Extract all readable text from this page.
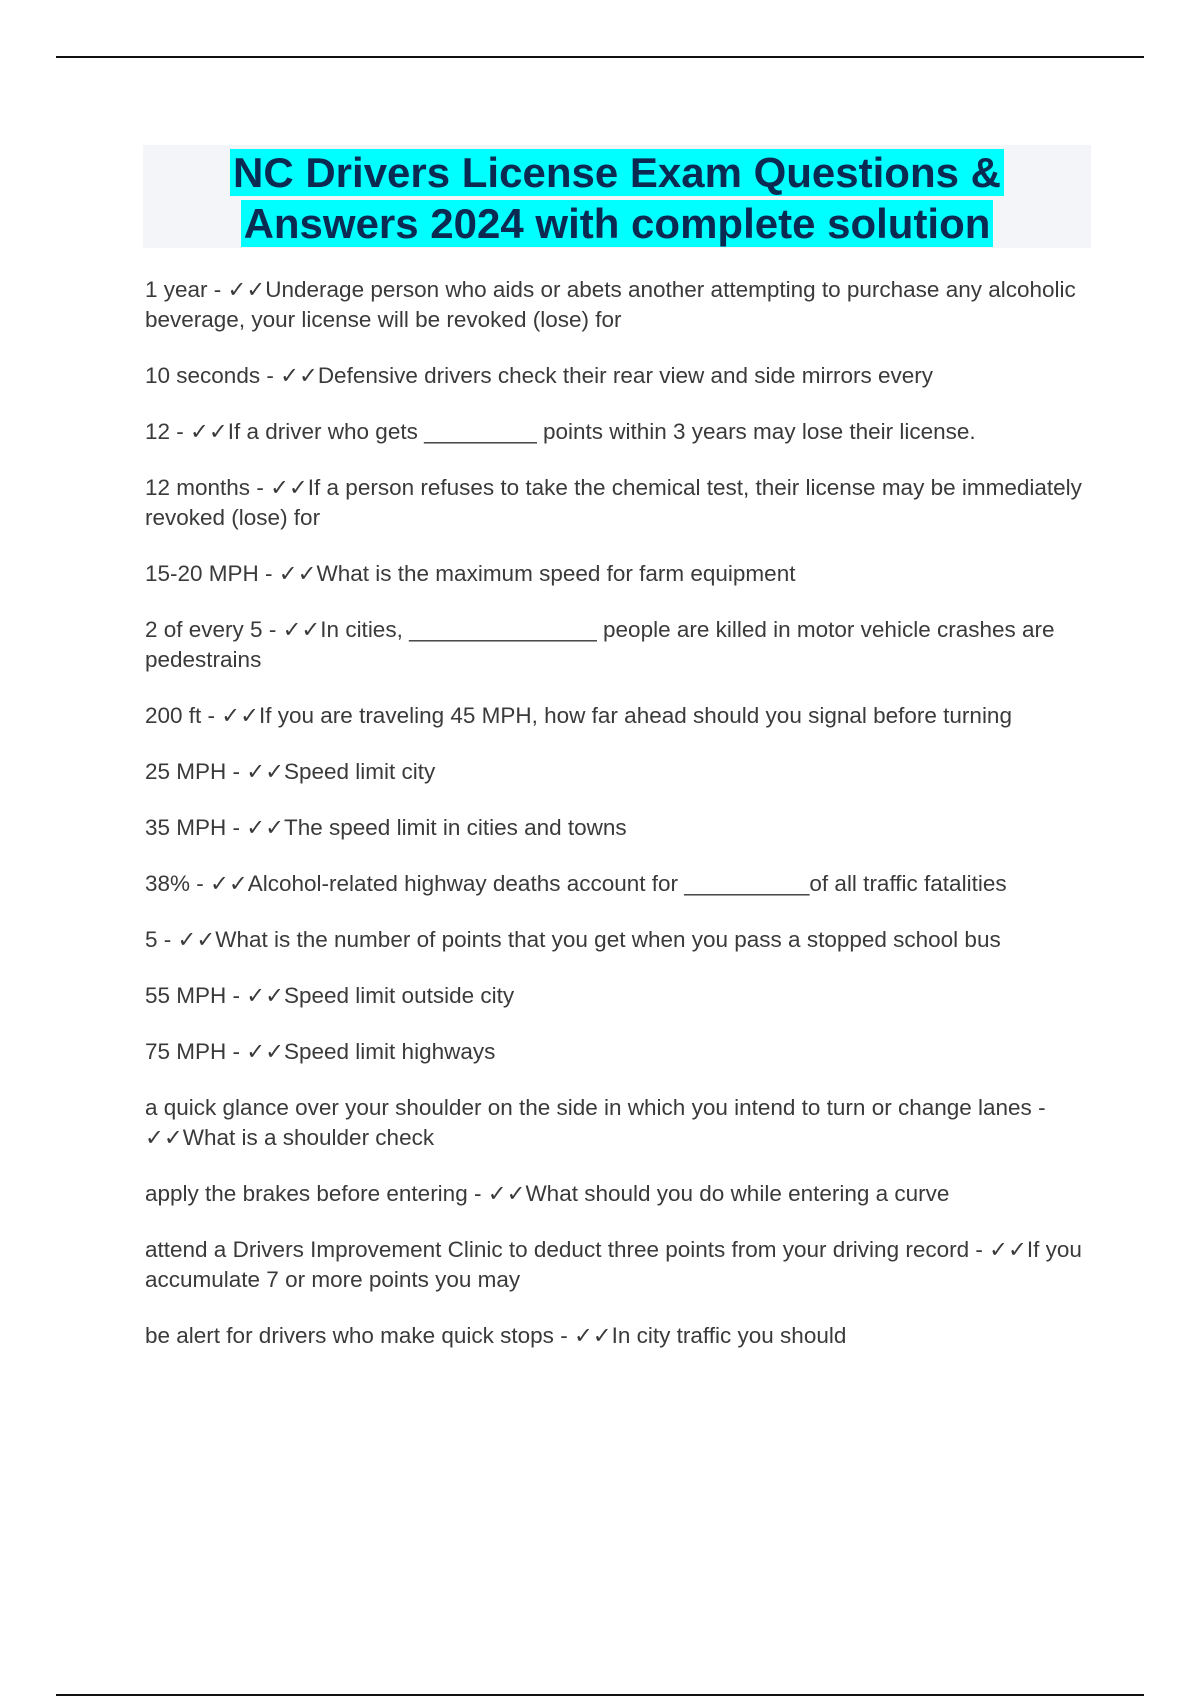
NC Drivers License Exam Questions &
Answers 2024 with complete solution
1 year - ✓✓Underage person who aids or abets another attempting to purchase any alcoholic beverage, your license will be revoked (lose) for
10 seconds - ✓✓Defensive drivers check their rear view and side mirrors every
12 - ✓✓If a driver who gets _________ points within 3 years may lose their license.
12 months - ✓✓If a person refuses to take the chemical test, their license may be immediately revoked (lose) for
15-20 MPH - ✓✓What is the maximum speed for farm equipment
2 of every 5 - ✓✓In cities, _______________ people are killed in motor vehicle crashes are pedestrains
200 ft - ✓✓If you are traveling 45 MPH, how far ahead should you signal before turning
25 MPH - ✓✓Speed limit city
35 MPH - ✓✓The speed limit in cities and towns
38% - ✓✓Alcohol-related highway deaths account for __________of all traffic fatalities
5 - ✓✓What is the number of points that you get when you pass a stopped school bus
55 MPH - ✓✓Speed limit outside city
75 MPH - ✓✓Speed limit highways
a quick glance over your shoulder on the side in which you intend to turn or change lanes - ✓✓What is a shoulder check
apply the brakes before entering - ✓✓What should you do while entering a curve
attend a Drivers Improvement Clinic to deduct three points from your driving record - ✓✓If you accumulate 7 or more points you may
be alert for drivers who make quick stops - ✓✓In city traffic you should
